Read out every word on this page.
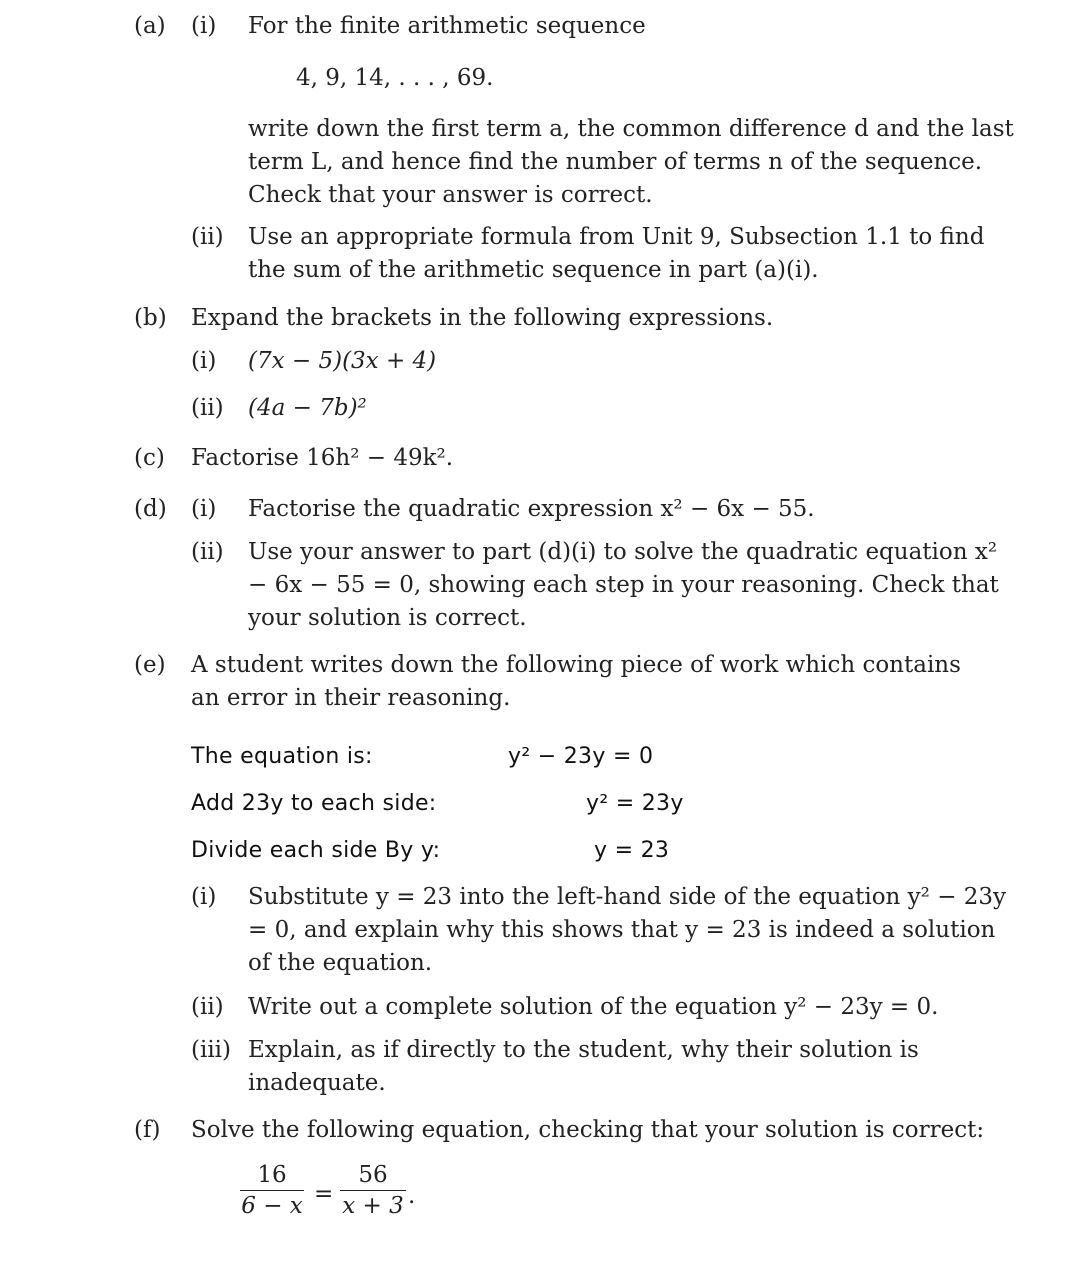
(a) (i) For the finite arithmetic sequence
4, 9, 14, . . . , 69.
write down the first term a, the common difference d and the last term L, and hence find the number of terms n of the sequence. Check that your answer is correct.
(ii) Use an appropriate formula from Unit 9, Subsection 1.1 to find the sum of the arithmetic sequence in part (a)(i).
(b) Expand the brackets in the following expressions.
(i) (7x − 5)(3x + 4)
(ii) (4a − 7b)²
(c) Factorise 16h² − 49k².
(d) (i) Factorise the quadratic expression x² − 6x − 55.
(ii) Use your answer to part (d)(i) to solve the quadratic equation x² − 6x − 55 = 0, showing each step in your reasoning. Check that your solution is correct.
(e) A student writes down the following piece of work which contains an error in their reasoning.
The equation is:	y² − 23y = 0
Add 23y to each side:	y² = 23y
Divide each side By y:	y = 23
(i) Substitute y = 23 into the left-hand side of the equation y² − 23y = 0, and explain why this shows that y = 23 is indeed a solution of the equation.
(ii) Write out a complete solution of the equation y² − 23y = 0.
(iii) Explain, as if directly to the student, why their solution is inadequate.
(f) Solve the following equation, checking that your solution is correct:
16
6 − x =
56
x + 3 .
